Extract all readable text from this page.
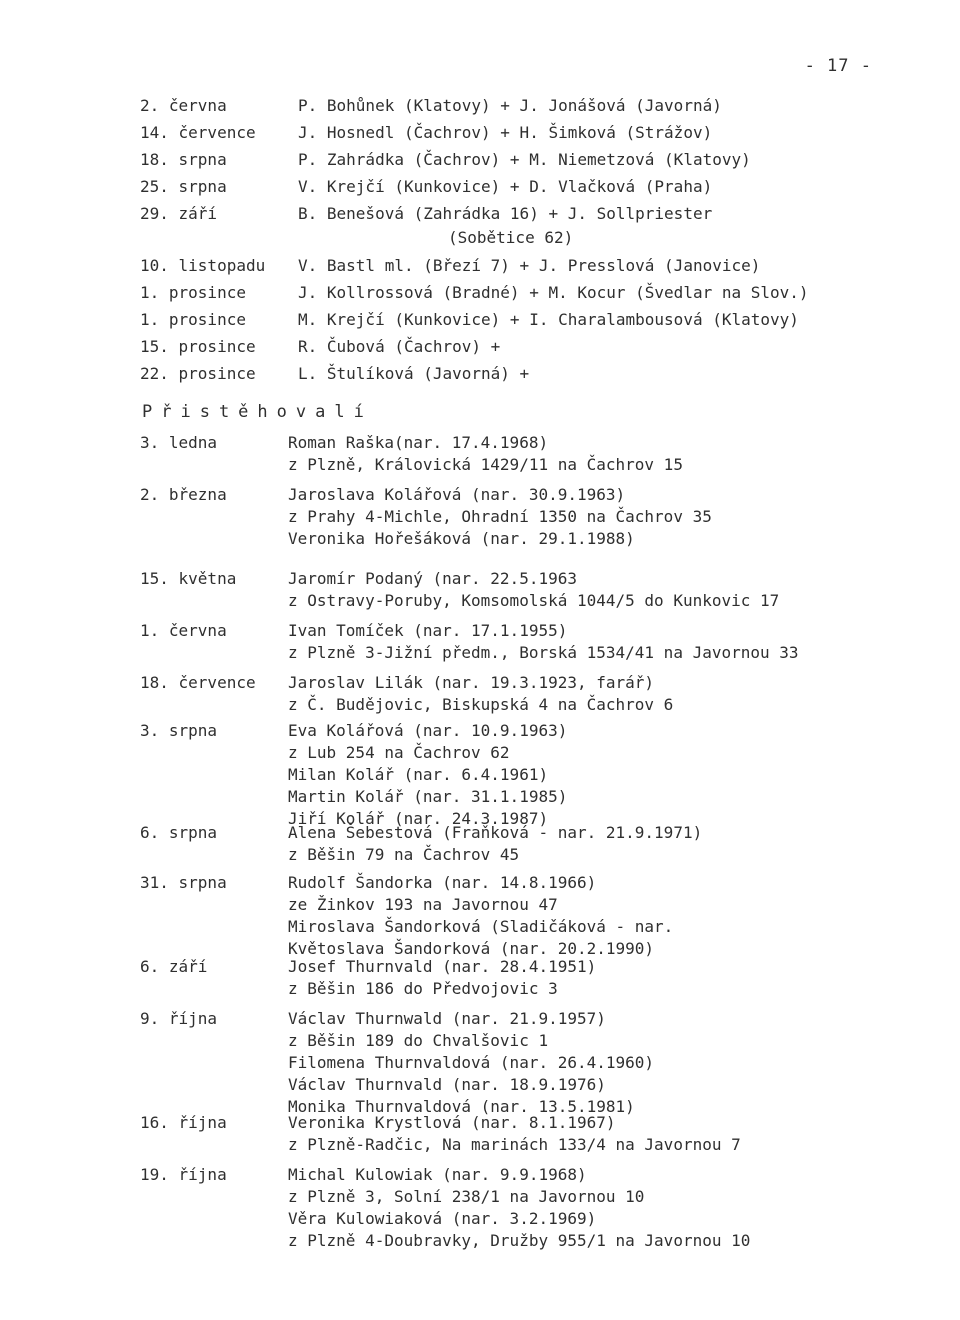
- 17 -
2. června	P. Bohůnek (Klatovy) + J. Jonášová (Javorná)
14. července	J. Hosnedl (Čachrov) + H. Šimková (Strážov)
18. srpna	P. Zahrádka (Čachrov) + M. Niemetzová (Klatovy)
25. srpna	V. Krejčí (Kunkovice) + D. Vlačková (Praha)
29. září	B. Benešová (Zahrádka 16) + J. Sollpriester
(Sobětice 62)
10. listopadu	V. Bastl ml. (Březí 7) + J. Presslová (Janovice)
1. prosince	J. Kollrossová (Bradné) + M. Kocur (Švedlar na Slov.)
1. prosince	M. Krejčí (Kunkovice) + I. Charalambousová (Klatovy)
15. prosince	R. Čubová (Čachrov) +
22. prosince	L. Štulíková (Javorná) +
Přistěhovalí
3. ledna	Roman Raška(nar. 17.4.1968)
z Plzně, Královická 1429/11 na Čachrov 15
2. března	Jaroslava Kolářová (nar. 30.9.1963)
z Prahy 4-Michle, Ohradní 1350 na Čachrov 35
Veronika Hořešáková (nar. 29.1.1988)
15. května	Jaromír Podaný (nar. 22.5.1963
z Ostravy-Poruby, Komsomolská 1044/5 do Kunkovic 17
1. června	Ivan Tomíček (nar. 17.1.1955)
z Plzně 3-Jižní předm., Borská 1534/41 na Javornou 33
18. července	Jaroslav Lilák (nar. 19.3.1923, farář)
z Č. Budějovic, Biskupská 4 na Čachrov 6
3. srpna	Eva Kolářová (nar. 10.9.1963)
z Lub 254 na Čachrov 62
Milan Kolář (nar. 6.4.1961)
Martin Kolář (nar. 31.1.1985)
Jiří Kolář (nar. 24.3.1987)
6. srpna	Alena Šebestová (Fraňková - nar. 21.9.1971)
z Běšin 79 na Čachrov 45
31. srpna	Rudolf Šandorka (nar. 14.8.1966)
ze Žinkov 193 na Javornou 47
Miroslava Šandorková (Sladičáková - nar.
Květoslava Šandorková (nar. 20.2.1990)
6. září	Josef Thurnvald (nar. 28.4.1951)
z Běšin 186 do Předvojovic 3
9. října	Václav Thurnwald (nar. 21.9.1957)
z Běšin 189 do Chvalšovic 1
Filomena Thurnvaldová (nar. 26.4.1960)
Václav Thurnvald (nar. 18.9.1976)
Monika Thurnvaldová (nar. 13.5.1981)
16. října	Veronika Krystlová (nar. 8.1.1967)
z Plzně-Radčic, Na marinách 133/4 na Javornou 7
19. října	Michal Kulowiak (nar. 9.9.1968)
z Plzně 3, Solní 238/1 na Javornou 10
Věra Kulowiaková (nar. 3.2.1969)
z Plzně 4-Doubravky, Družby 955/1 na Javornou 10
